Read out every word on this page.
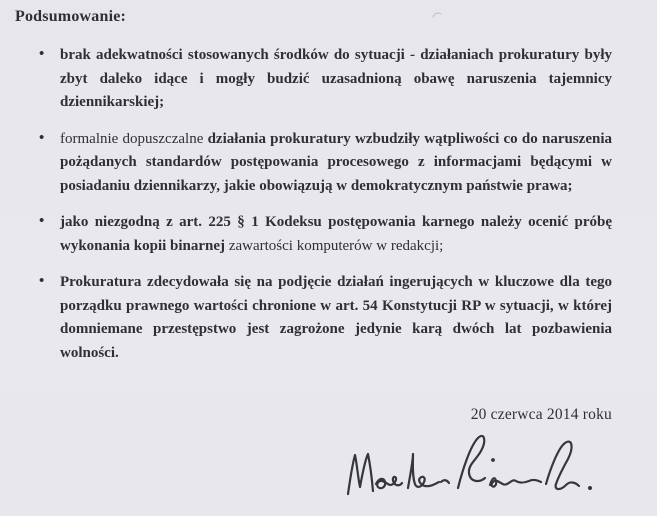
Podsumowanie:
• brak adekwatności stosowanych środków do sytuacji - działaniach prokuratury były zbyt daleko idące i mogły budzić uzasadnioną obawę naruszenia tajemnicy dziennikarskiej;
• formalnie dopuszczalne działania prokuratury wzbudziły wątpliwości co do naruszenia pożądanych standardów postępowania procesowego z informacjami będącymi w posiadaniu dziennikarzy, jakie obowiązują w demokratycznym państwie prawa;
• jako niezgodną z art. 225 § 1 Kodeksu postępowania karnego należy ocenić próbę wykonania kopii binarnej zawartości komputerów w redakcji;
• Prokuratura zdecydowała się na podjęcie działań ingerujących w kluczowe dla tego porządku prawnego wartości chronione w art. 54 Konstytucji RP w sytuacji, w której domniemane przestępstwo jest zagrożone jedynie karą dwóch lat pozbawienia wolności.
20 czerwca 2014 roku
